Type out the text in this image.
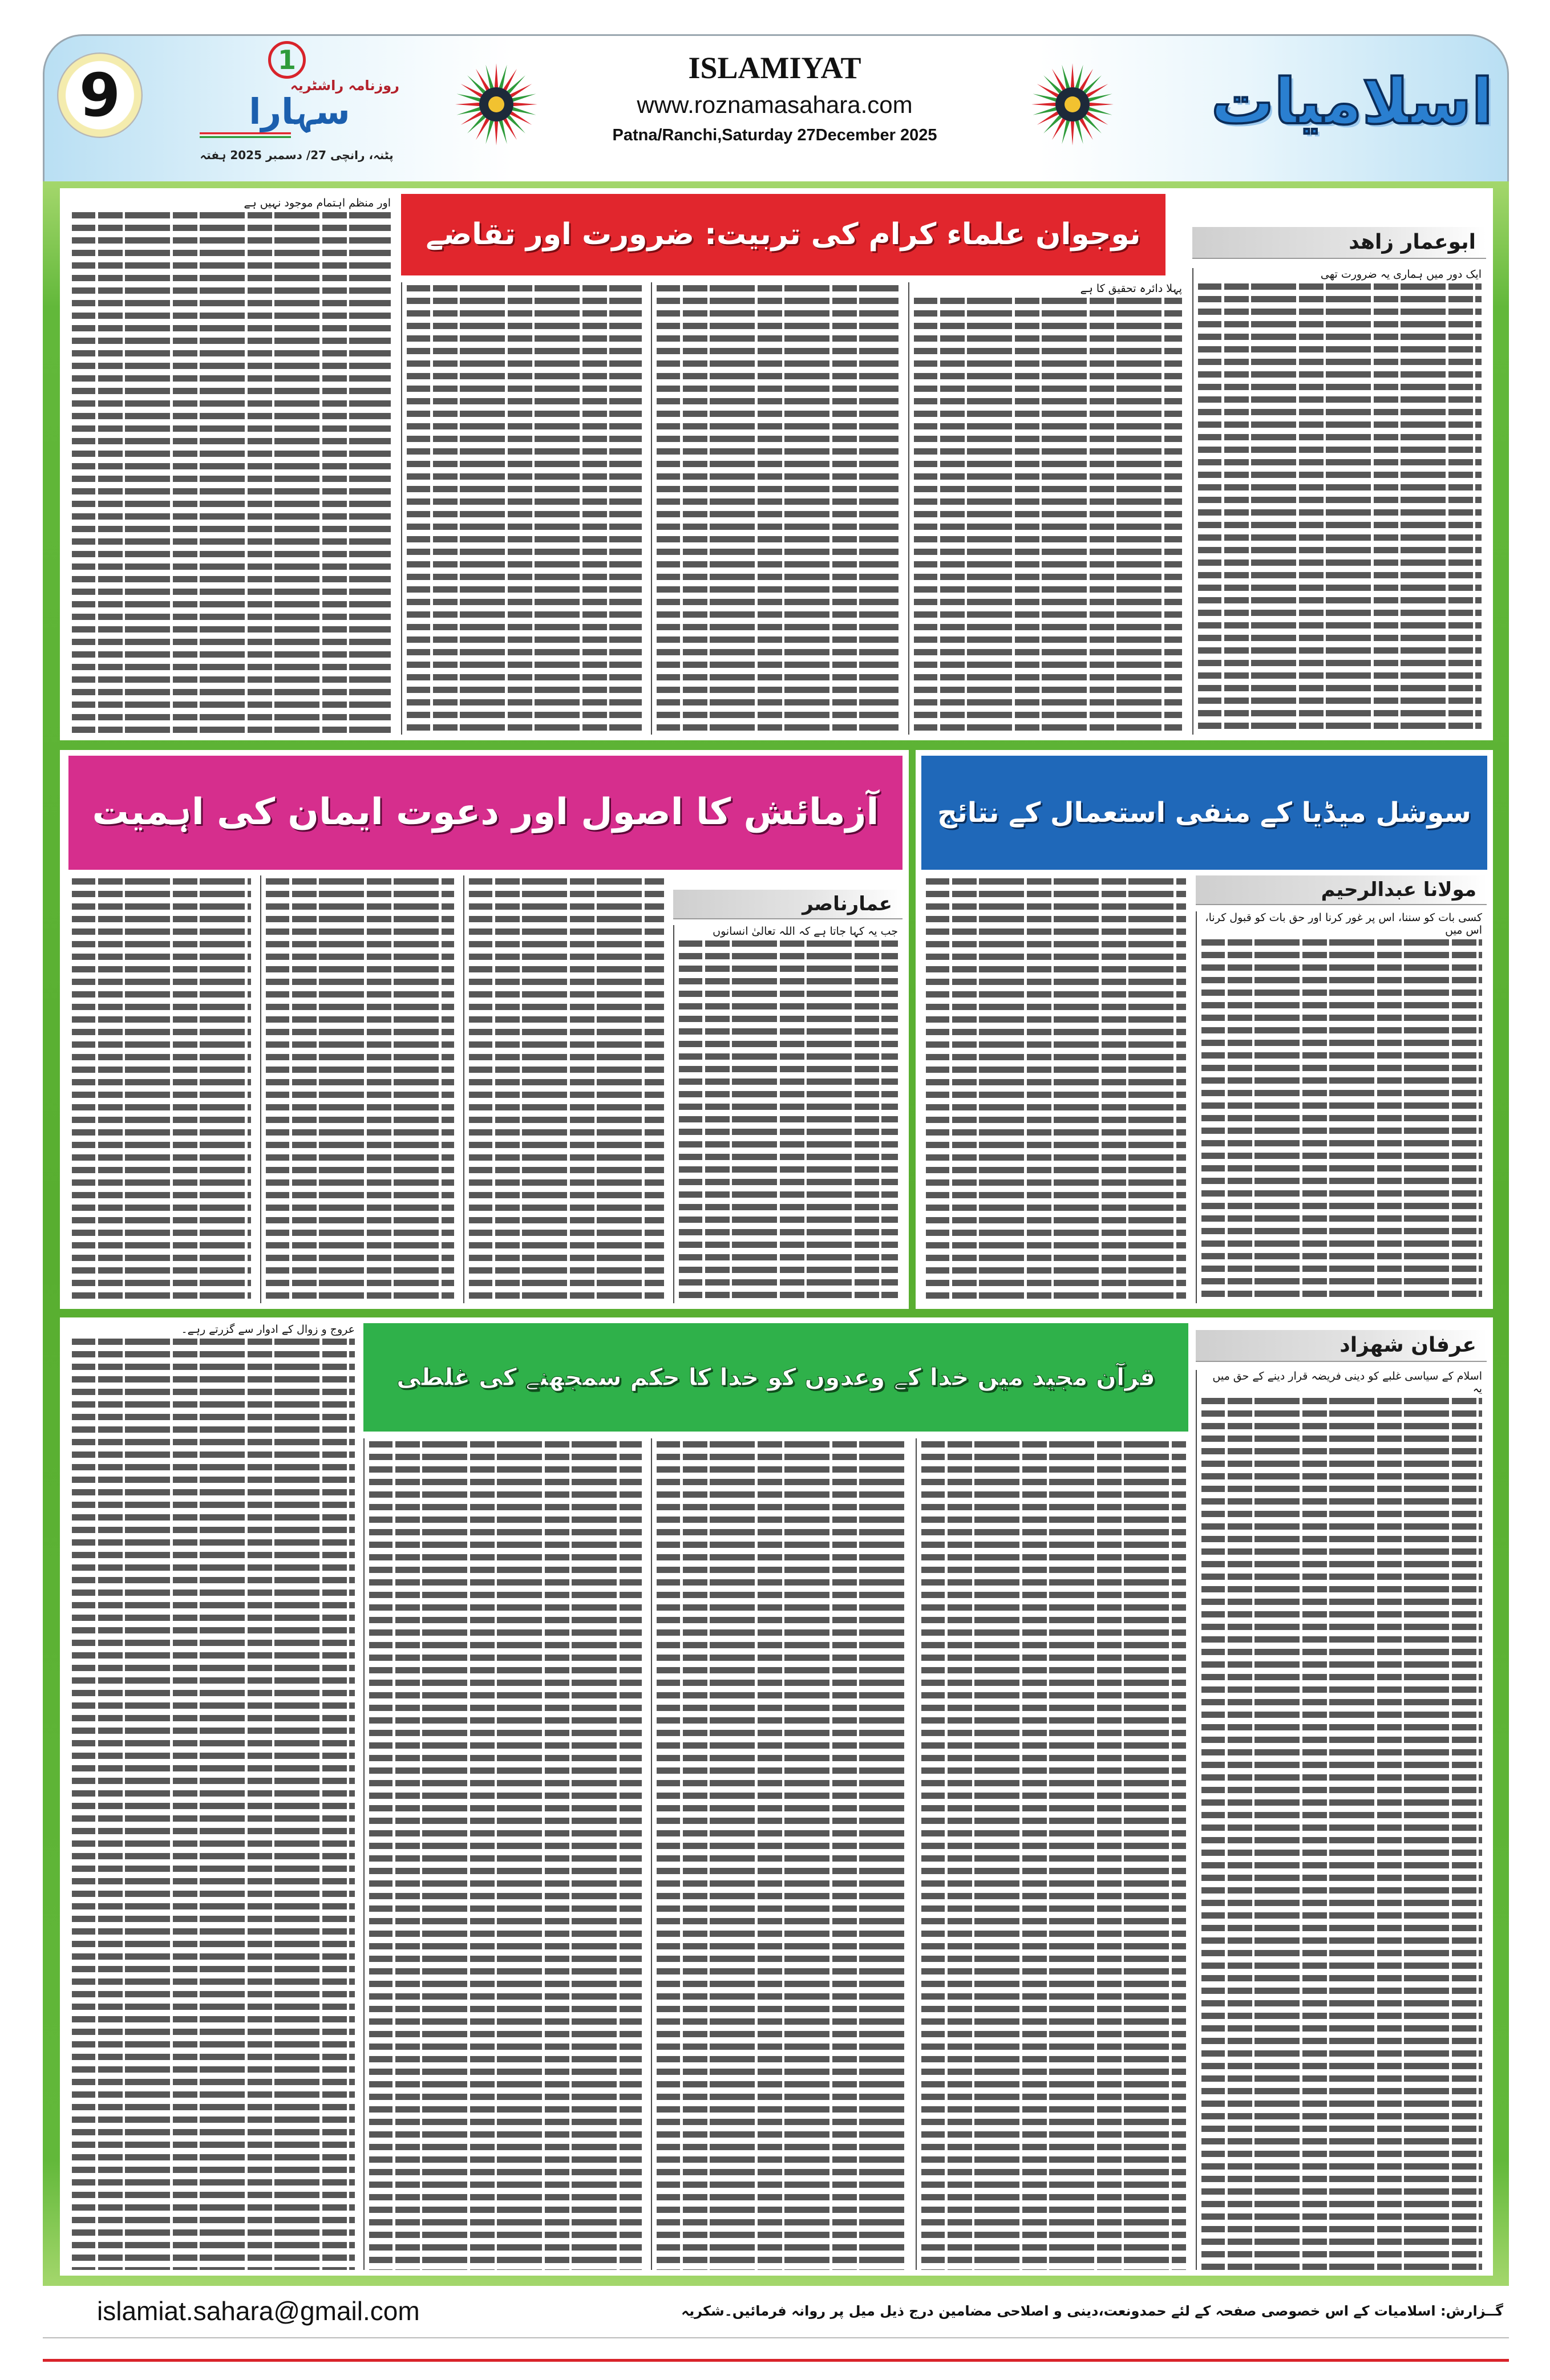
9
1
روزنامہ راشٹریہ
سہارا
پٹنہ، رانچی 27/ دسمبر 2025 ہفتہ
ISLAMIYAT
www.roznamasahara.com
Patna/Ranchi,Saturday 27December 2025	اسلامیات
نوجوان علماء کرام کی تربیت: ضرورت اور تقاضے	ابوعمار زاهد

ایک دور میں ہماری یہ ضرورت تھی

پہلا دائرہ تحقیق کا ہے

اور منظم اہتمام موجود نہیں ہے

آزمائش کا اصول اور دعوت ایمان کی اہمیت
عمارناصر

جب یہ کہا جاتا ہے کہ اللہ تعالیٰ انسانوں

سوشل میڈیا کے منفی استعمال کے نتائج
مولانا عبدالرحیم

کسی بات کو سننا، اس پر غور کرنا اور حق بات کو قبول کرنا، اس میں

قرآن مجید میں خدا کے وعدوں کو خدا کا حکم سمجھنے کی غلطی
عرفان شهزاد

اسلام کے سیاسی غلبے کو دینی فریضہ قرار دینے کے حق میں یہ

عروج و زوال کے ادوار سے گزرتے رہے۔

گــزارش: اسلامیات کے اس خصوصی صفحہ کے لئے حمدونعت،دینی و اصلاحی مضامین درج ذیل میل پر روانہ فرمائیں۔شکریہ
islamiat.sahara@gmail.com
